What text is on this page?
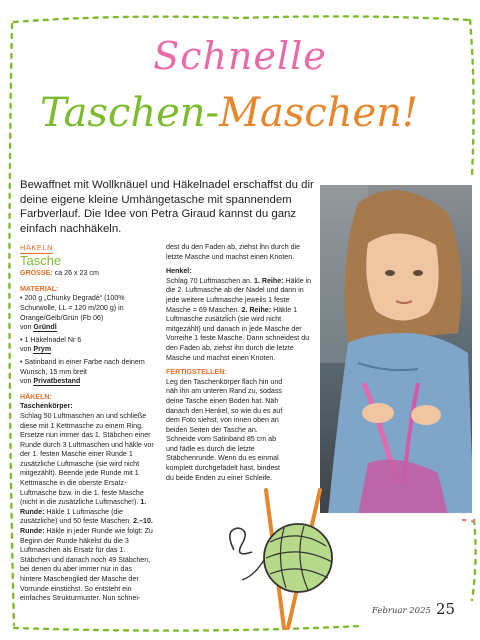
Schnelle
Taschen-Maschen!
Bewaffnet mit Wollknäuel und Häkelnadel erschaffst du dir deine eigene kleine Umhängetasche mit spannendem Farbverlauf. Die Idee von Petra Giraud kannst du ganz einfach nachhäkeln.
HÄKELN
Tasche
GRÖSSE: ca 26 x 23 cm
MATERIAL:
• 200 g „Chunky Degradé“ (100% Schurwolle, LL = 120 m/200 g) in Orange/Gelb/Grün (Fb 06)
von Gründl
• 1 Häkelnadel Nr 6
von Prym
• Satinband in einer Farbe nach deinem Wunsch, 15 mm breit
von Privatbestand
HÄKELN:
Taschenkörper:
Schlag 50 Luftmaschen an und schließe diese mit 1 Kettmasche zu einem Ring. Ersetze nun immer das 1. Stäbchen einer Runde durch 3 Luftmaschen und häkle vor der 1. festen Masche einer Runde 1 zusätzliche Luftmasche (sie wird nicht mitgezählt). Beende jede Runde mit 1 Kettmasche in die oberste Ersatz-Luftmasche bzw. in die 1. feste Masche (nicht in die zusätzliche Luftmasche!). 1. Runde: Häkle 1 Luftmasche (die zusätzliche) und 50 feste Maschen. 2.–10. Runde: Häkle in jeder Runde wie folgt: Zu Beginn der Runde häkelst du die 3 Luftmaschen als Ersatz für das 1. Stäbchen und danach noch 49 Stäbchen, bei denen du aber immer nur in das hintere Maschenglied der Masche der Vorrunde einstichst. So entsteht ein einfaches Strukturmuster. Nun schnei-
dest du den Faden ab, ziehst ihn durch die letzte Masche und machst einen Knoten.
Henkel:
Schlag 70 Luftmaschen an. 1. Reihe: Häkle in die 2. Luftmasche ab der Nadel und dann in jede weitere Luftmasche jeweils 1 feste Masche = 69 Maschen. 2. Reihe: Häkle 1 Luftmasche zusätzlich (sie wird nicht mitgezählt) und danach in jede Masche der Vorreihe 1 feste Masche. Dann schneidest du den Faden ab, ziehst ihn durch die letzte Masche und machst einen Knoten.
FERTIGSTELLEN:
Leg den Taschenkörper flach hin und näh ihn am unteren Rand zu, sodass deine Tasche einen Boden hat. Näh danach den Henkel, so wie du es auf dem Foto siehst, von innen oben an beiden Seiten der Tasche an. Schneide vom Satinband 85 cm ab und fädle es durch die letzte Stäbchenrunde. Wenn du es einmal komplett durchgefädelt hast, bindest du beide Enden zu einer Schleife.
Februar 2025 25
